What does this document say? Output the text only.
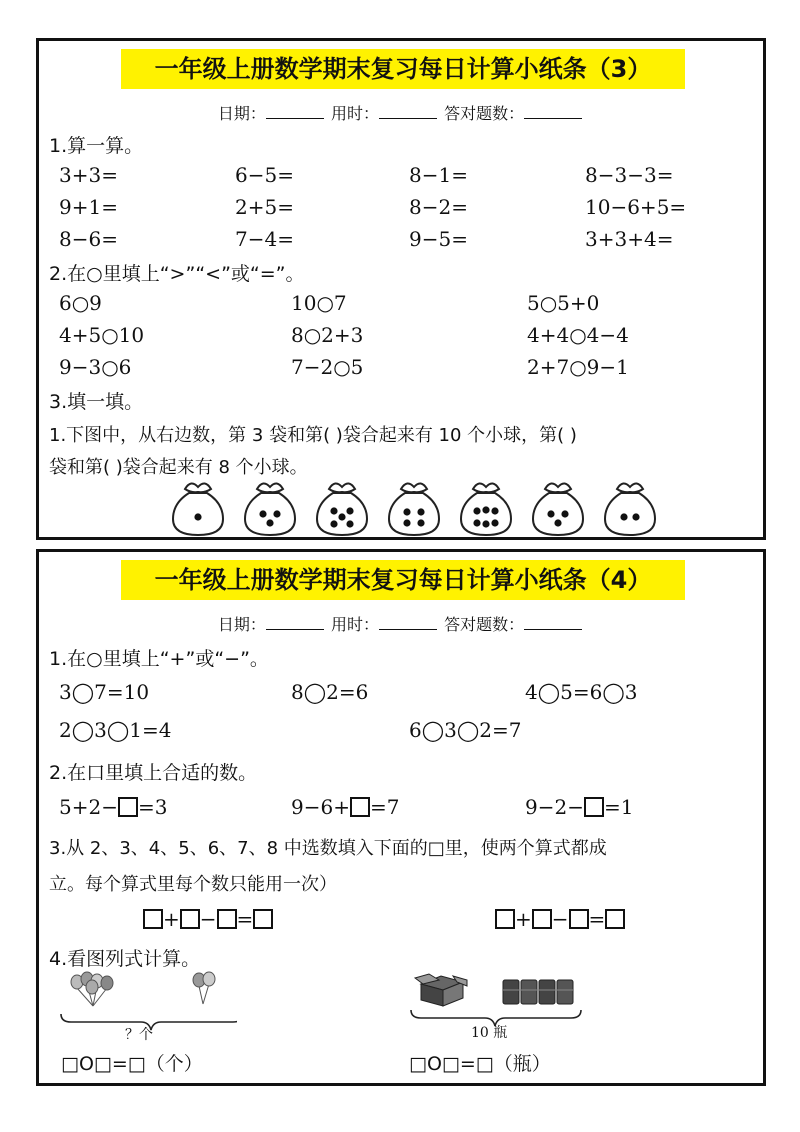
一年级上册数学期末复习每日计算小纸条（3）
日期：	用时：	答对题数：
1.算一算。
3+3=	6−5=	8−1=	8−3−3=
9+1=	2+5=	8−2=	10−6+5=
8−6=	7−4=	9−5=	3+3+4=
2.在○里填上“>”“<”或“=”。
6○9	10○7	5○5+0
4+5○10	8○2+3	4+4○4−4
9−3○6	7−2○5	2+7○9−1
3.填一填。
1.下图中，从右边数，第 3 袋和第( )袋合起来有 10 个小球，第( )
袋和第( )袋合起来有 8 个小球。
一年级上册数学期末复习每日计算小纸条（4）
日期：	用时：	答对题数：
1.在○里填上“+”或“−”。
3◯7=10	8◯2=6	4◯5=6◯3
2◯3◯1=4	6◯3◯2=7
2.在口里填上合适的数。
5+2− =3	9−6+ =7	9−2− =1
3.从 2、3、4、5、6、7、8 中选数填入下面的□里，使两个算式都成
立。每个算式里每个数只能用一次）
+ − =	+ − =
4.看图列式计算。
？个
□O□=□（个）
10 瓶
□O□=□（瓶）
